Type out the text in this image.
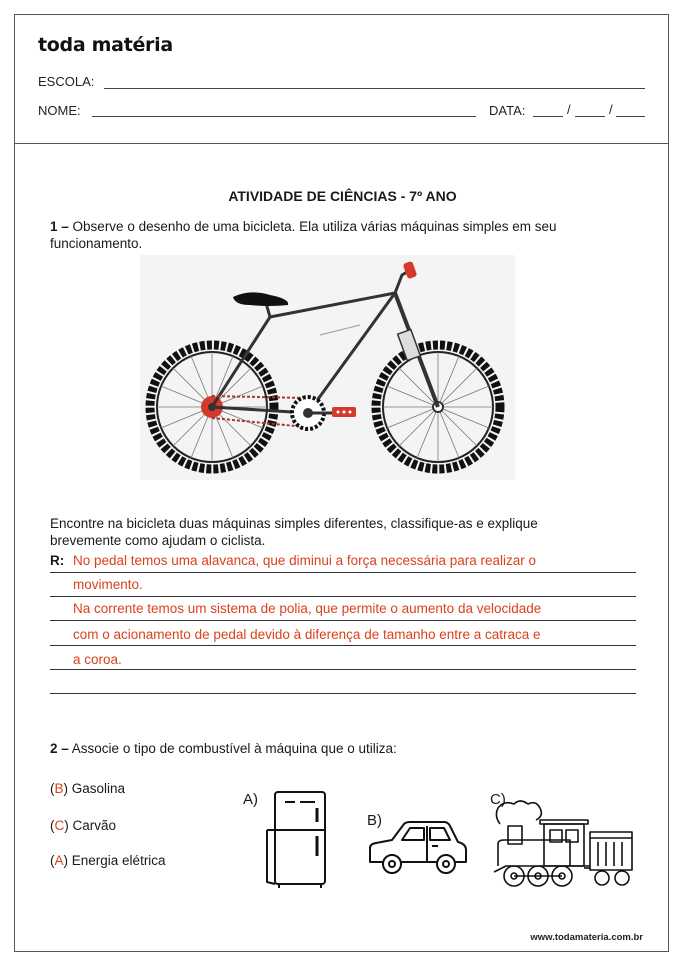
toda matéria
ESCOLA:
NOME:	DATA:	/	/
ATIVIDADE DE CIÊNCIAS - 7º ANO
1 – Observe o desenho de uma bicicleta. Ela utiliza várias máquinas simples em seu
funcionamento.
Encontre na bicicleta duas máquinas simples diferentes, classifique-as e explique
brevemente como ajudam o ciclista.
R: No pedal temos uma alavanca, que diminui a força necessária para realizar o
movimento.
Na corrente temos um sistema de polia, que permite o aumento da velocidade
com o acionamento de pedal devido à diferença de tamanho entre a catraca e
a coroa.
2 – Associe o tipo de combustível à máquina que o utiliza:
(B) Gasolina
(C) Carvão
(A) Energia elétrica
A)
B)
C)
www.todamateria.com.br
